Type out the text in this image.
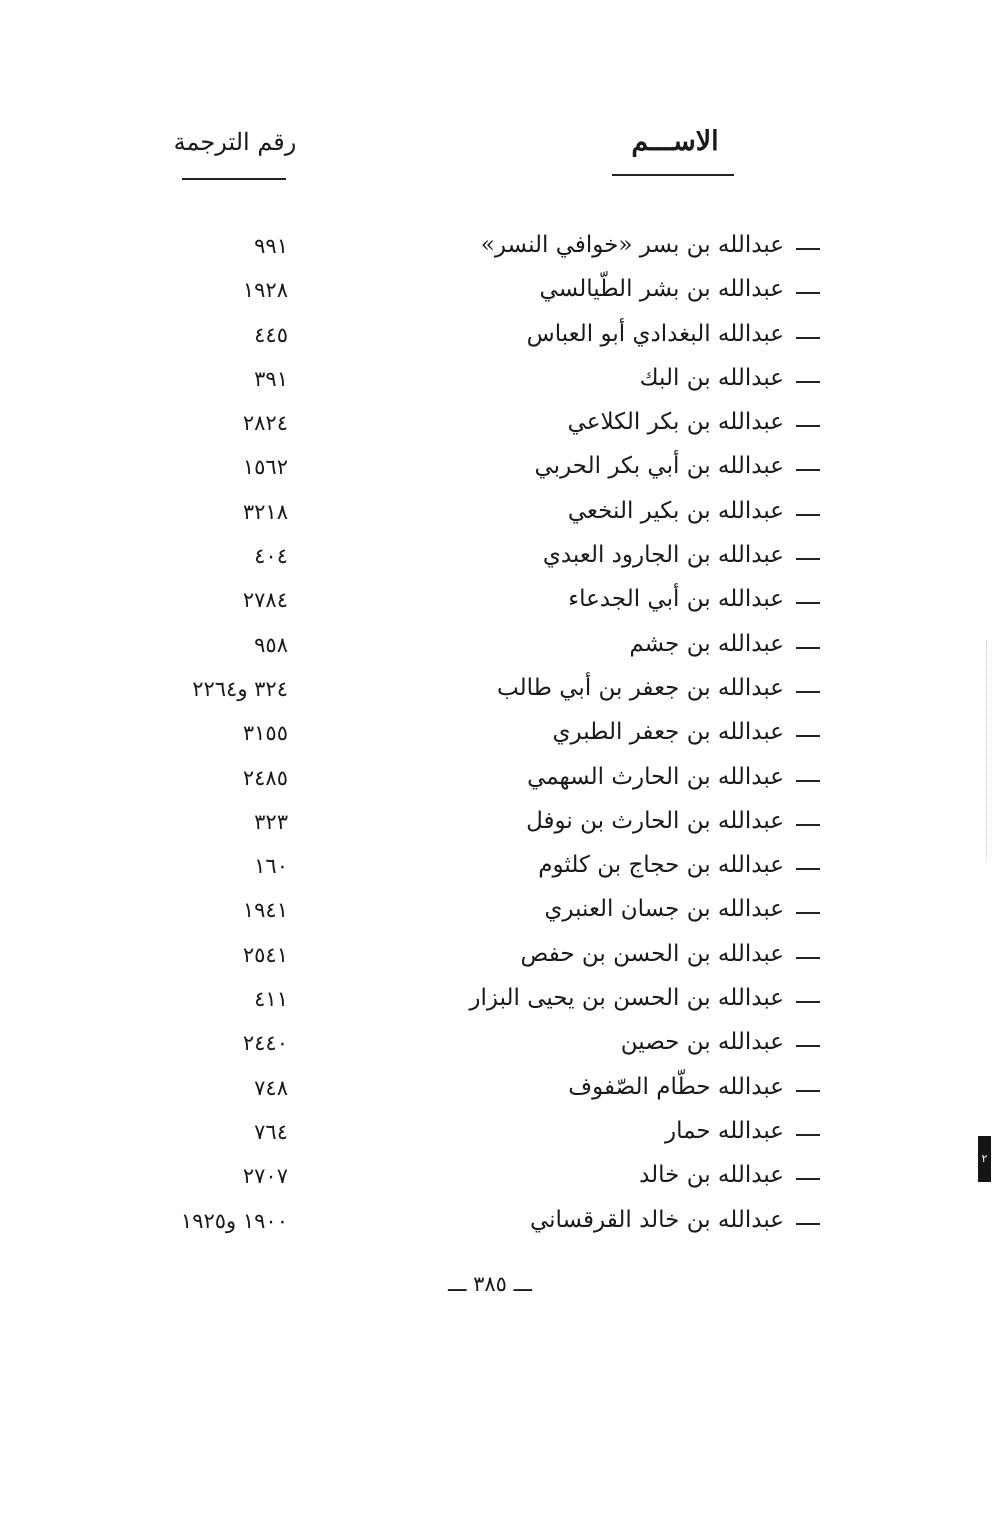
الاســـم
رقم الترجمة
عبدالله بن بسر «خوافي النسر»
٩٩١
عبدالله بن بشر الطّيالسي
١٩٢٨
عبدالله البغدادي أبو العباس
٤٤٥
عبدالله بن البك
٣٩١
عبدالله بن بكر الكلاعي
٢٨٢٤
عبدالله بن أبي بكر الحربي
١٥٦٢
عبدالله بن بكير النخعي
٣٢١٨
عبدالله بن الجارود العبدي
٤٠٤
عبدالله بن أبي الجدعاء
٢٧٨٤
عبدالله بن جشم
٩٥٨
عبدالله بن جعفر بن أبي طالب
٣٢٤ و٢٢٦٤
عبدالله بن جعفر الطبري
٣١٥٥
عبدالله بن الحارث السهمي
٢٤٨٥
عبدالله بن الحارث بن نوفل
٣٢٣
عبدالله بن حجاج بن كلثوم
١٦٠
عبدالله بن جسان العنبري
١٩٤١
عبدالله بن الحسن بن حفص
٢٥٤١
عبدالله بن الحسن بن يحيى البزار
٤١١
عبدالله بن حصين
٢٤٤٠
عبدالله حطّام الصّفوف
٧٤٨
عبدالله حمار
٧٦٤
عبدالله بن خالد
٢٧٠٧
عبدالله بن خالد القرقساني
١٩٠٠ و١٩٢٥
ـــ ٣٨٥ ـــ
٢
